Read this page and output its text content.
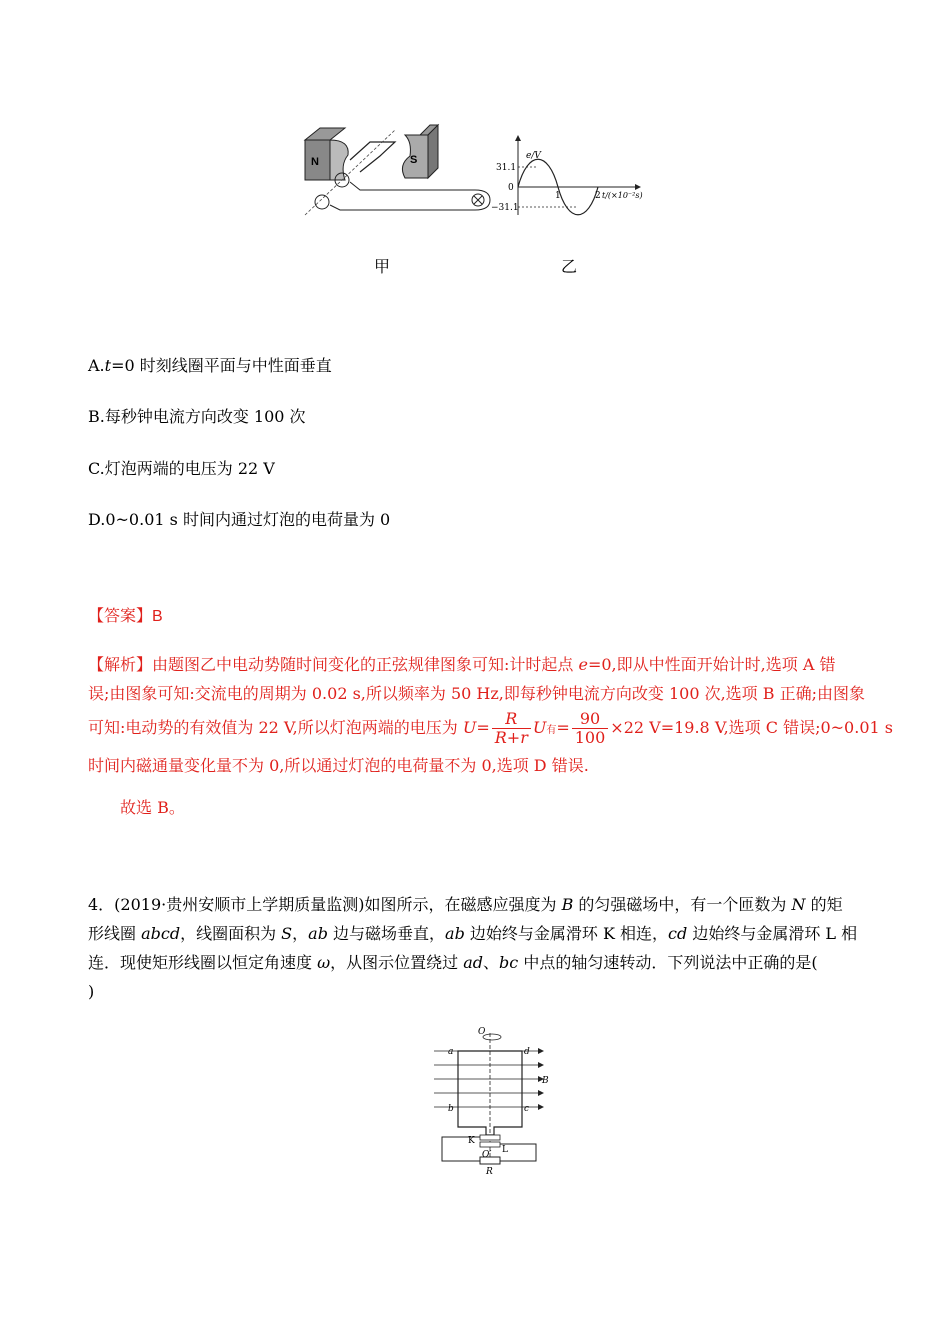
N	S	e/V
31.1
0
−31.1
1	2 t/(×10⁻²s)
甲	乙
A.t=0 时刻线圈平面与中性面垂直
B.每秒钟电流方向改变 100 次
C.灯泡两端的电压为 22 V
D.0~0.01 s 时间内通过灯泡的电荷量为 0
【答案】B

【解析】由题图乙中电动势随时间变化的正弦规律图象可知:计时起点 e=0,即从中性面开始计时,选项 A 错

误;由图象可知:交流电的周期为 0.02 s,所以频率为 50 Hz,即每秒钟电流方向改变 100 次,选项 B 正确;由图象

可知:电动势的有效值为 22 V,所以灯泡两端的电压为 $U= \frac{R}{R+r}$ U有= $\frac{90}{100} \times 22$ V=19.8 V,选项 C 错误;0~0.01 s

时间内磁通量变化量不为 0,所以通过灯泡的电荷量不为 0,选项 D 错误.

故选 B。

4．(2019·贵州安顺市上学期质量监测)如图所示，在磁感应强度为 B 的匀强磁场中，有一个匝数为 N 的矩

形线圈 abcd，线圈面积为 S，ab 边与磁场垂直，ab 边始终与金属滑环 K 相连，cd 边始终与金属滑环 L 相

连．现使矩形线圈以恒定角速度 ω，从图示位置绕过 ad、bc 中点的轴匀速转动．下列说法中正确的是(

)

O
a	d
B
b	c
O′
R
K
L
